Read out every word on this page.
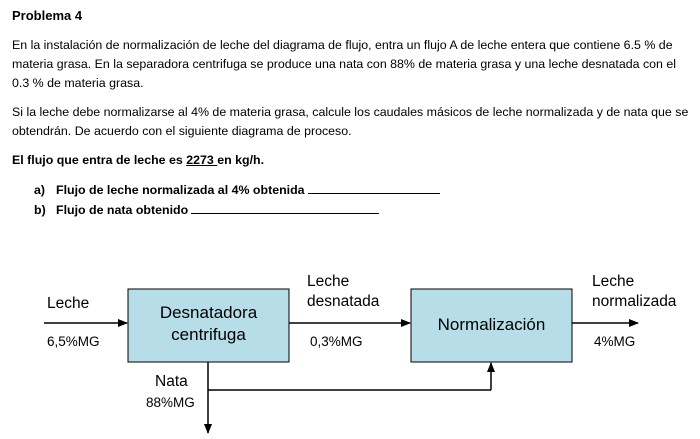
Problema 4
En la instalación de normalización de leche del diagrama de flujo, entra un flujo A de leche entera que contiene 6.5 % de materia grasa. En la separadora centrifuga se produce una nata con 88% de materia grasa y una leche desnatada con el 0.3 % de materia grasa.
Si la leche debe normalizarse al 4% de materia grasa, calcule los caudales másicos de leche normalizada y de nata que se obtendrán. De acuerdo con el siguiente diagrama de proceso.
El flujo que entra de leche es 2273 en kg/h.
a) Flujo de leche normalizada al 4% obtenida
b) Flujo de nata obtenido
Leche
6,5%MG
Desnatadora
centrifuga
Leche
desnatada
0,3%MG
Normalización
Leche
normalizada
4%MG
Nata
88%MG
